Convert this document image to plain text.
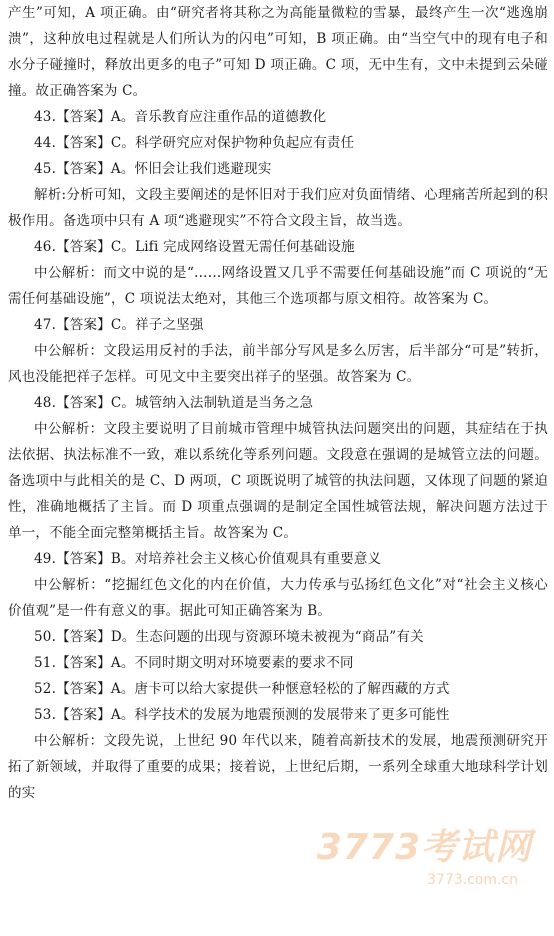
产生”可知，A 项正确。由“研究者将其称之为高能量微粒的雪暴，最终产生一次“逃逸崩溃”，这种放电过程就是人们所认为的闪电”可知，B 项正确。由“当空气中的现有电子和水分子碰撞时，释放出更多的电子”可知 D 项正确。C 项，无中生有，文中未提到云朵碰撞。故正确答案为 C。

43.【答案】A。音乐教育应注重作品的道德教化

44.【答案】C。科学研究应对保护物种负起应有责任

45.【答案】A。怀旧会让我们逃避现实

解析:分析可知，文段主要阐述的是怀旧对于我们应对负面情绪、心理痛苦所起到的积极作用。备选项中只有 A 项“逃避现实”不符合文段主旨，故当选。

46.【答案】C。Lifi 完成网络设置无需任何基础设施

中公解析：而文中说的是“……网络设置又几乎不需要任何基础设施”而 C 项说的“无需任何基础设施”，C 项说法太绝对，其他三个选项都与原文相符。故答案为 C。

47.【答案】C。祥子之坚强

中公解析：文段运用反衬的手法，前半部分写风是多么厉害，后半部分“可是”转折，风也没能把祥子怎样。可见文中主要突出祥子的坚强。故答案为 C。

48.【答案】C。城管纳入法制轨道是当务之急

中公解析：文段主要说明了目前城市管理中城管执法问题突出的问题，其症结在于执法依据、执法标准不一致，难以系统化等系列问题。文段意在强调的是城管立法的问题。备选项中与此相关的是 C、D 两项，C 项既说明了城管的执法问题，又体现了问题的紧迫性，准确地概括了主旨。而 D 项重点强调的是制定全国性城管法规，解决问题方法过于单一，不能全面完整第概括主旨。故答案为 C。

49.【答案】B。对培养社会主义核心价值观具有重要意义

中公解析：“挖掘红色文化的内在价值，大力传承与弘扬红色文化”对“社会主义核心价值观”是一件有意义的事。据此可知正确答案为 B。

50.【答案】D。生态问题的出现与资源环境未被视为“商品”有关

51.【答案】A。不同时期文明对环境要素的要求不同

52.【答案】A。唐卡可以给大家提供一种惬意轻松的了解西藏的方式

53.【答案】A。科学技术的发展为地震预测的发展带来了更多可能性

中公解析：文段先说，上世纪 90 年代以来，随着高新技术的发展，地震预测研究开拓了新领域，并取得了重要的成果；接着说，上世纪后期，一系列全球重大地球科学计划的实

3773考试网
3773.com.cn
